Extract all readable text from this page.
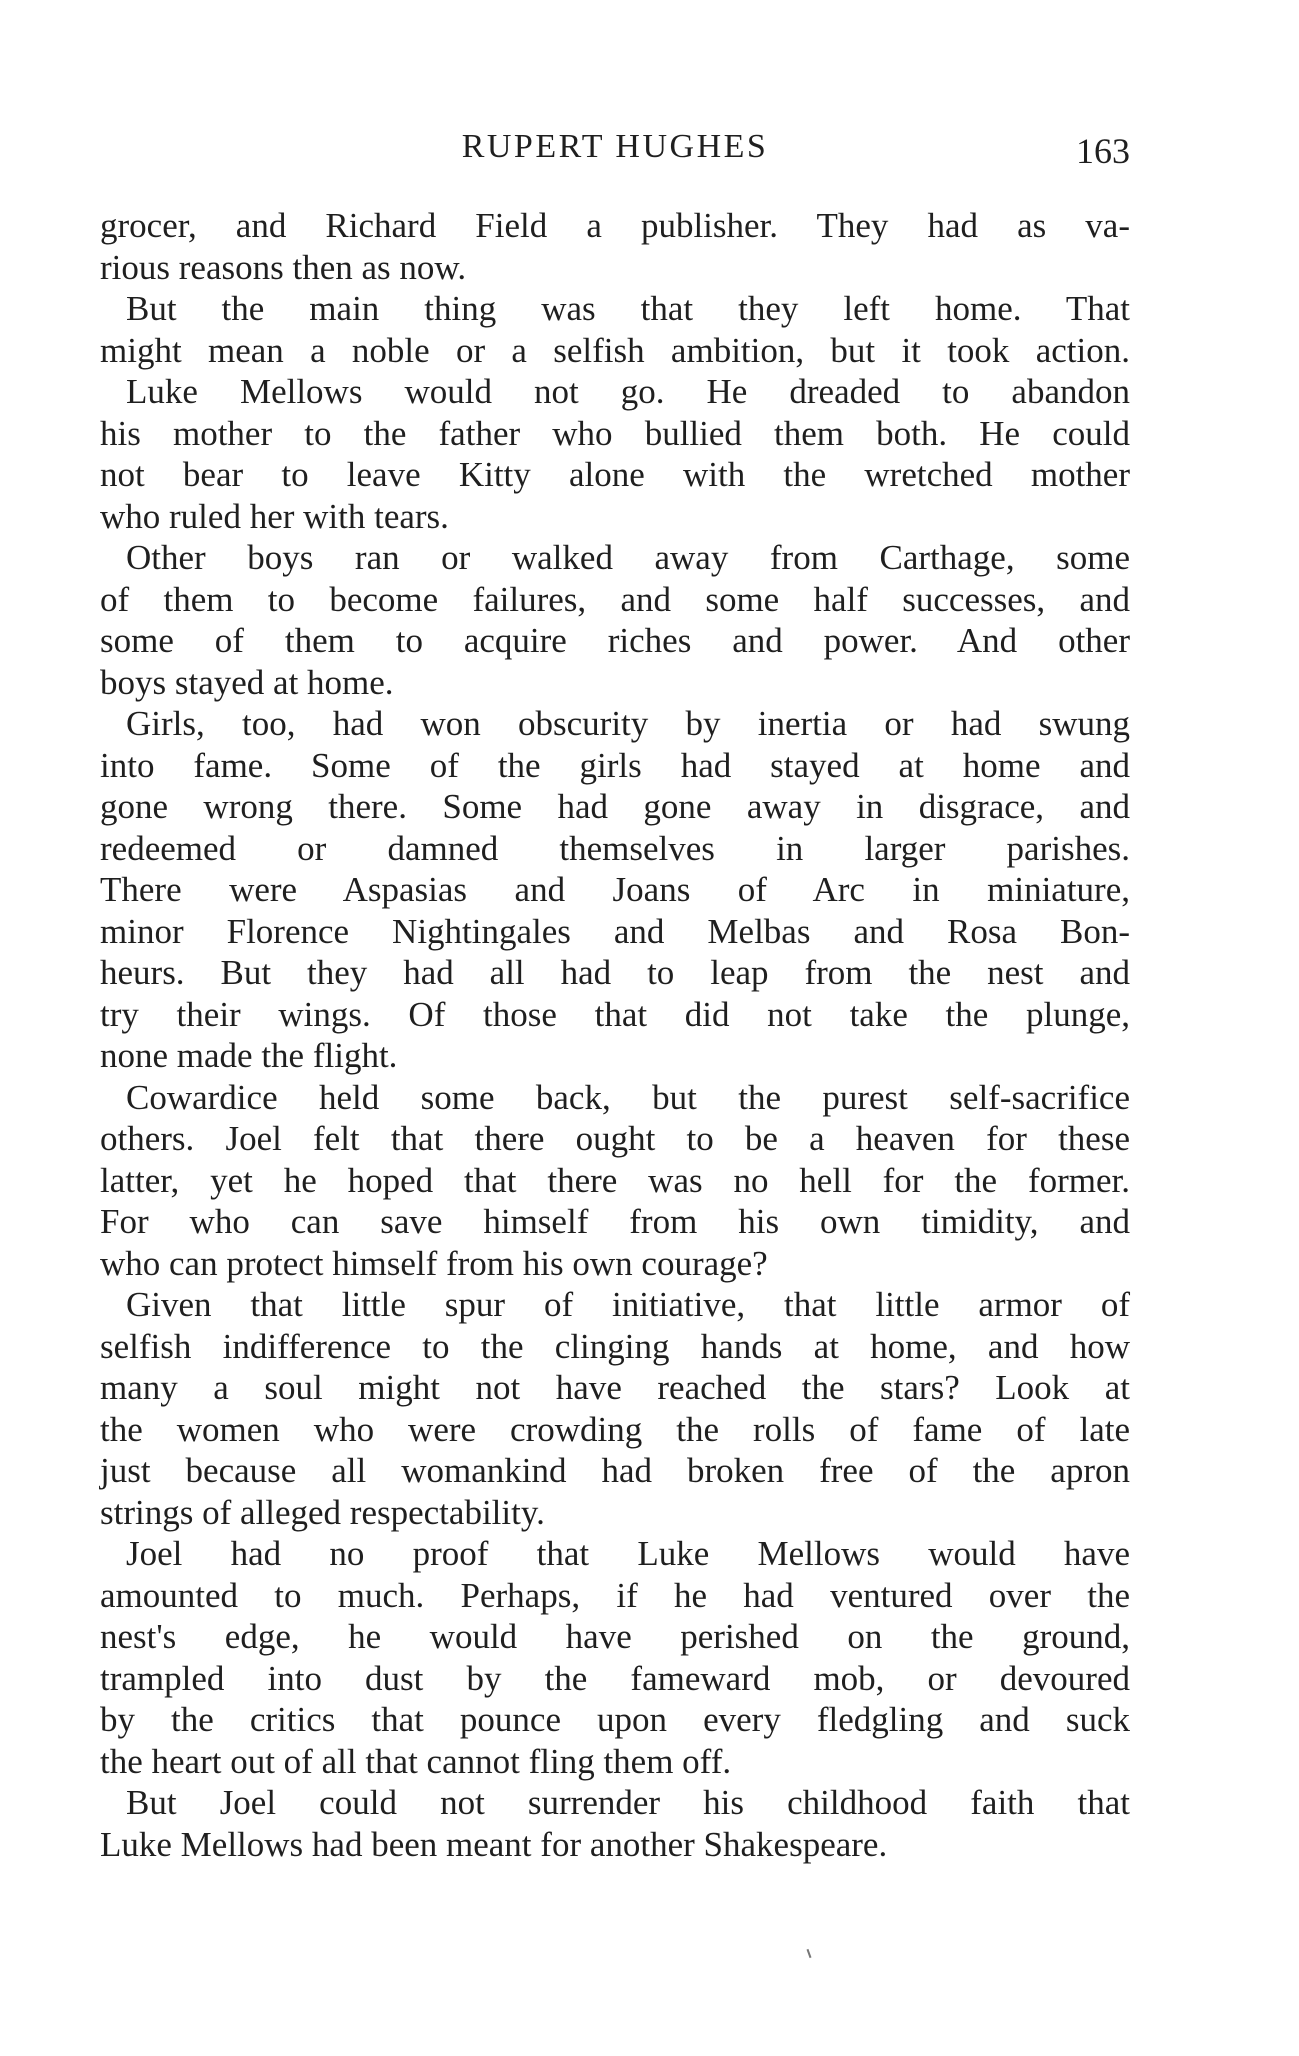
RUPERT HUGHES	163
grocer, and Richard Field a publisher. They had as va-
rious reasons then as now.
But the main thing was that they left home. That
might mean a noble or a selfish ambition, but it took action.
Luke Mellows would not go. He dreaded to abandon
his mother to the father who bullied them both. He could
not bear to leave Kitty alone with the wretched mother
who ruled her with tears.
Other boys ran or walked away from Carthage, some
of them to become failures, and some half successes, and
some of them to acquire riches and power. And other
boys stayed at home.
Girls, too, had won obscurity by inertia or had swung
into fame. Some of the girls had stayed at home and
gone wrong there. Some had gone away in disgrace, and
redeemed or damned themselves in larger parishes.
There were Aspasias and Joans of Arc in miniature,
minor Florence Nightingales and Melbas and Rosa Bon-
heurs. But they had all had to leap from the nest and
try their wings. Of those that did not take the plunge,
none made the flight.
Cowardice held some back, but the purest self-sacrifice
others. Joel felt that there ought to be a heaven for these
latter, yet he hoped that there was no hell for the former.
For who can save himself from his own timidity, and
who can protect himself from his own courage?
Given that little spur of initiative, that little armor of
selfish indifference to the clinging hands at home, and how
many a soul might not have reached the stars? Look at
the women who were crowding the rolls of fame of late
just because all womankind had broken free of the apron
strings of alleged respectability.
Joel had no proof that Luke Mellows would have
amounted to much. Perhaps, if he had ventured over the
nest's edge, he would have perished on the ground,
trampled into dust by the fameward mob, or devoured
by the critics that pounce upon every fledgling and suck
the heart out of all that cannot fling them off.
But Joel could not surrender his childhood faith that
Luke Mellows had been meant for another Shakespeare.
